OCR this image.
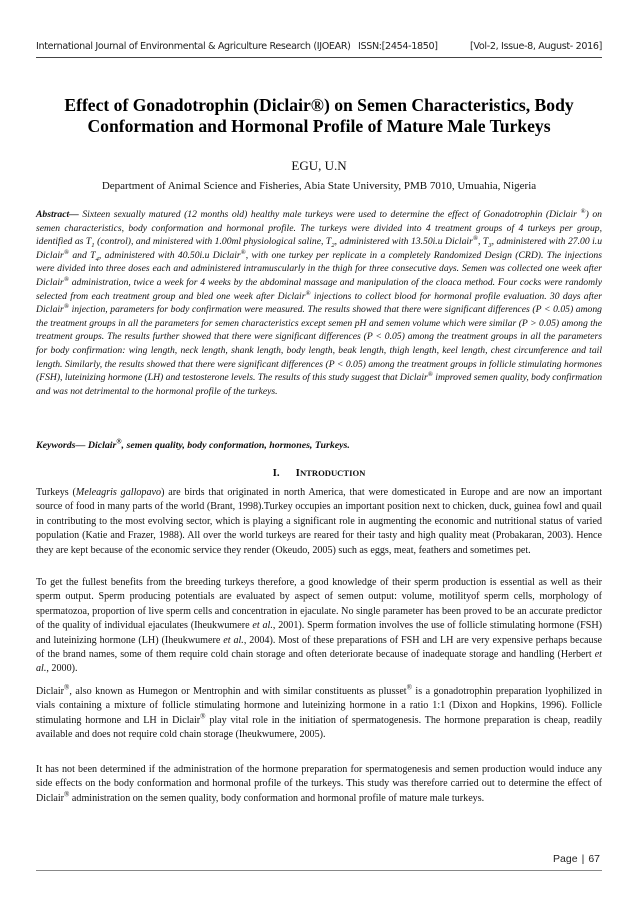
International Journal of Environmental & Agriculture Research (IJOEAR) ISSN:[2454-1850]	[Vol-2, Issue-8, August- 2016]
Effect of Gonadotrophin (Diclair®) on Semen Characteristics, Body Conformation and Hormonal Profile of Mature Male Turkeys
EGU, U.N
Department of Animal Science and Fisheries, Abia State University, PMB 7010, Umuahia, Nigeria

Abstract— Sixteen sexually matured (12 months old) healthy male turkeys were used to determine the effect of Gonadotrophin (Diclair ®) on semen characteristics, body conformation and hormonal profile. The turkeys were divided into 4 treatment groups of 4 turkeys per group, identified as $T_1$ (control), and ministered with 1.00ml physiological saline, $T_2$, administered with 13.50i.u Diclair®, $T_3$, administered with 27.00 i.u Diclair® and $T_4$, administered with 40.50i.u Diclair®, with one turkey per replicate in a completely Randomized Design (CRD). The injections were divided into three doses each and administered intramuscularly in the thigh for three consecutive days. Semen was collected one week after Diclair® administration, twice a week for 4 weeks by the abdominal massage and manipulation of the cloaca method. Four cocks were randomly selected from each treatment group and bled one week after Diclair® injections to collect blood for hormonal profile evaluation. 30 days after Diclair® injection, parameters for body confirmation were measured. The results showed that there were significant differences (P < 0.05) among the treatment groups in all the parameters for semen characteristics except semen pH and semen volume which were similar (P > 0.05) among the treatment groups. The results further showed that there were significant differences (P < 0.05) among the treatment groups in all the parameters for body confirmation: wing length, neck length, shank length, body length, beak length, thigh length, keel length, chest circumference and tail length. Similarly, the results showed that there were significant differences (P < 0.05) among the treatment groups in follicle stimulating hormones (FSH), luteinizing hormone (LH) and testosterone levels. The results of this study suggest that Diclair® improved semen quality, body confirmation and was not detrimental to the hormonal profile of the turkeys.

Keywords— Diclair®, semen quality, body conformation, hormones, Turkeys.

I. INTRODUCTION

Turkeys (Meleagris gallopavo) are birds that originated in north America, that were domesticated in Europe and are now an important source of food in many parts of the world (Brant, 1998).Turkey occupies an important position next to chicken, duck, guinea fowl and quail in contributing to the most evolving sector, which is playing a significant role in augmenting the economic and nutritional status of varied population (Katie and Frazer, 1988). All over the world turkeys are reared for their tasty and high quality meat (Probakaran, 2003). Hence they are kept because of the economic service they render (Okeudo, 2005) such as eggs, meat, feathers and sometimes pet.

To get the fullest benefits from the breeding turkeys therefore, a good knowledge of their sperm production is essential as well as their sperm output. Sperm producing potentials are evaluated by aspect of semen output: volume, motilityof sperm cells, morphology of spermatozoa, proportion of live sperm cells and concentration in ejaculate. No single parameter has been proved to be an accurate predictor of the quality of individual ejaculates (Iheukwumere et al., 2001). Sperm formation involves the use of follicle stimulating hormone (FSH) and luteinizing hormone (LH) (Iheukwumere et al., 2004). Most of these preparations of FSH and LH are very expensive perhaps because of the brand names, some of them require cold chain storage and often deteriorate because of inadequate storage and handling (Herbert et al., 2000).

Diclair®, also known as Humegon or Mentrophin and with similar constituents as plusset® is a gonadotrophin preparation lyophilized in vials containing a mixture of follicle stimulating hormone and luteinizing hormone in a ratio 1:1 (Dixon and Hopkins, 1996). Follicle stimulating hormone and LH in Diclair® play vital role in the initiation of spermatogenesis. The hormone preparation is cheap, readily available and does not require cold chain storage (Iheukwumere, 2005).

It has not been determined if the administration of the hormone preparation for spermatogenesis and semen production would induce any side effects on the body conformation and hormonal profile of the turkeys. This study was therefore carried out to determine the effect of Diclair® administration on the semen quality, body conformation and hormonal profile of mature male turkeys.

Page | 67
